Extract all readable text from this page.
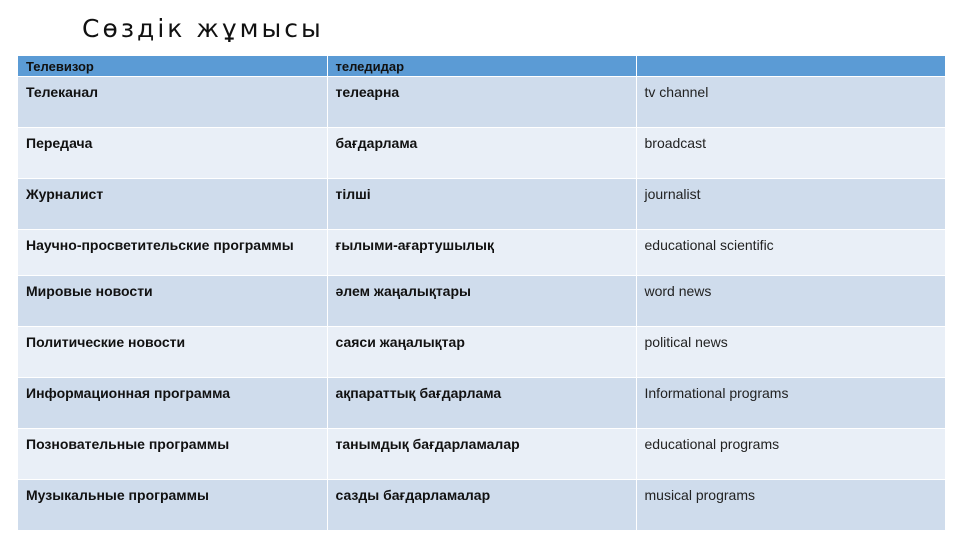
Сөздік жұмысы
Телевизор	теледидар	
Телеканал	телеарна	tv channel
Передача	бағдарлама	broadcast
Журналист	тілші	journalist
Научно-просветительские программы	ғылыми-ағартушылық	educational scientific
Мировые новости	әлем жаңалықтары	word news
Политические новости	саяси жаңалықтар	political news
Информационная программа	ақпараттық бағдарлама	Informational programs
Позновательные программы	танымдық бағдарламалар	educational programs
Музыкальные программы	сазды бағдарламалар	musical programs
